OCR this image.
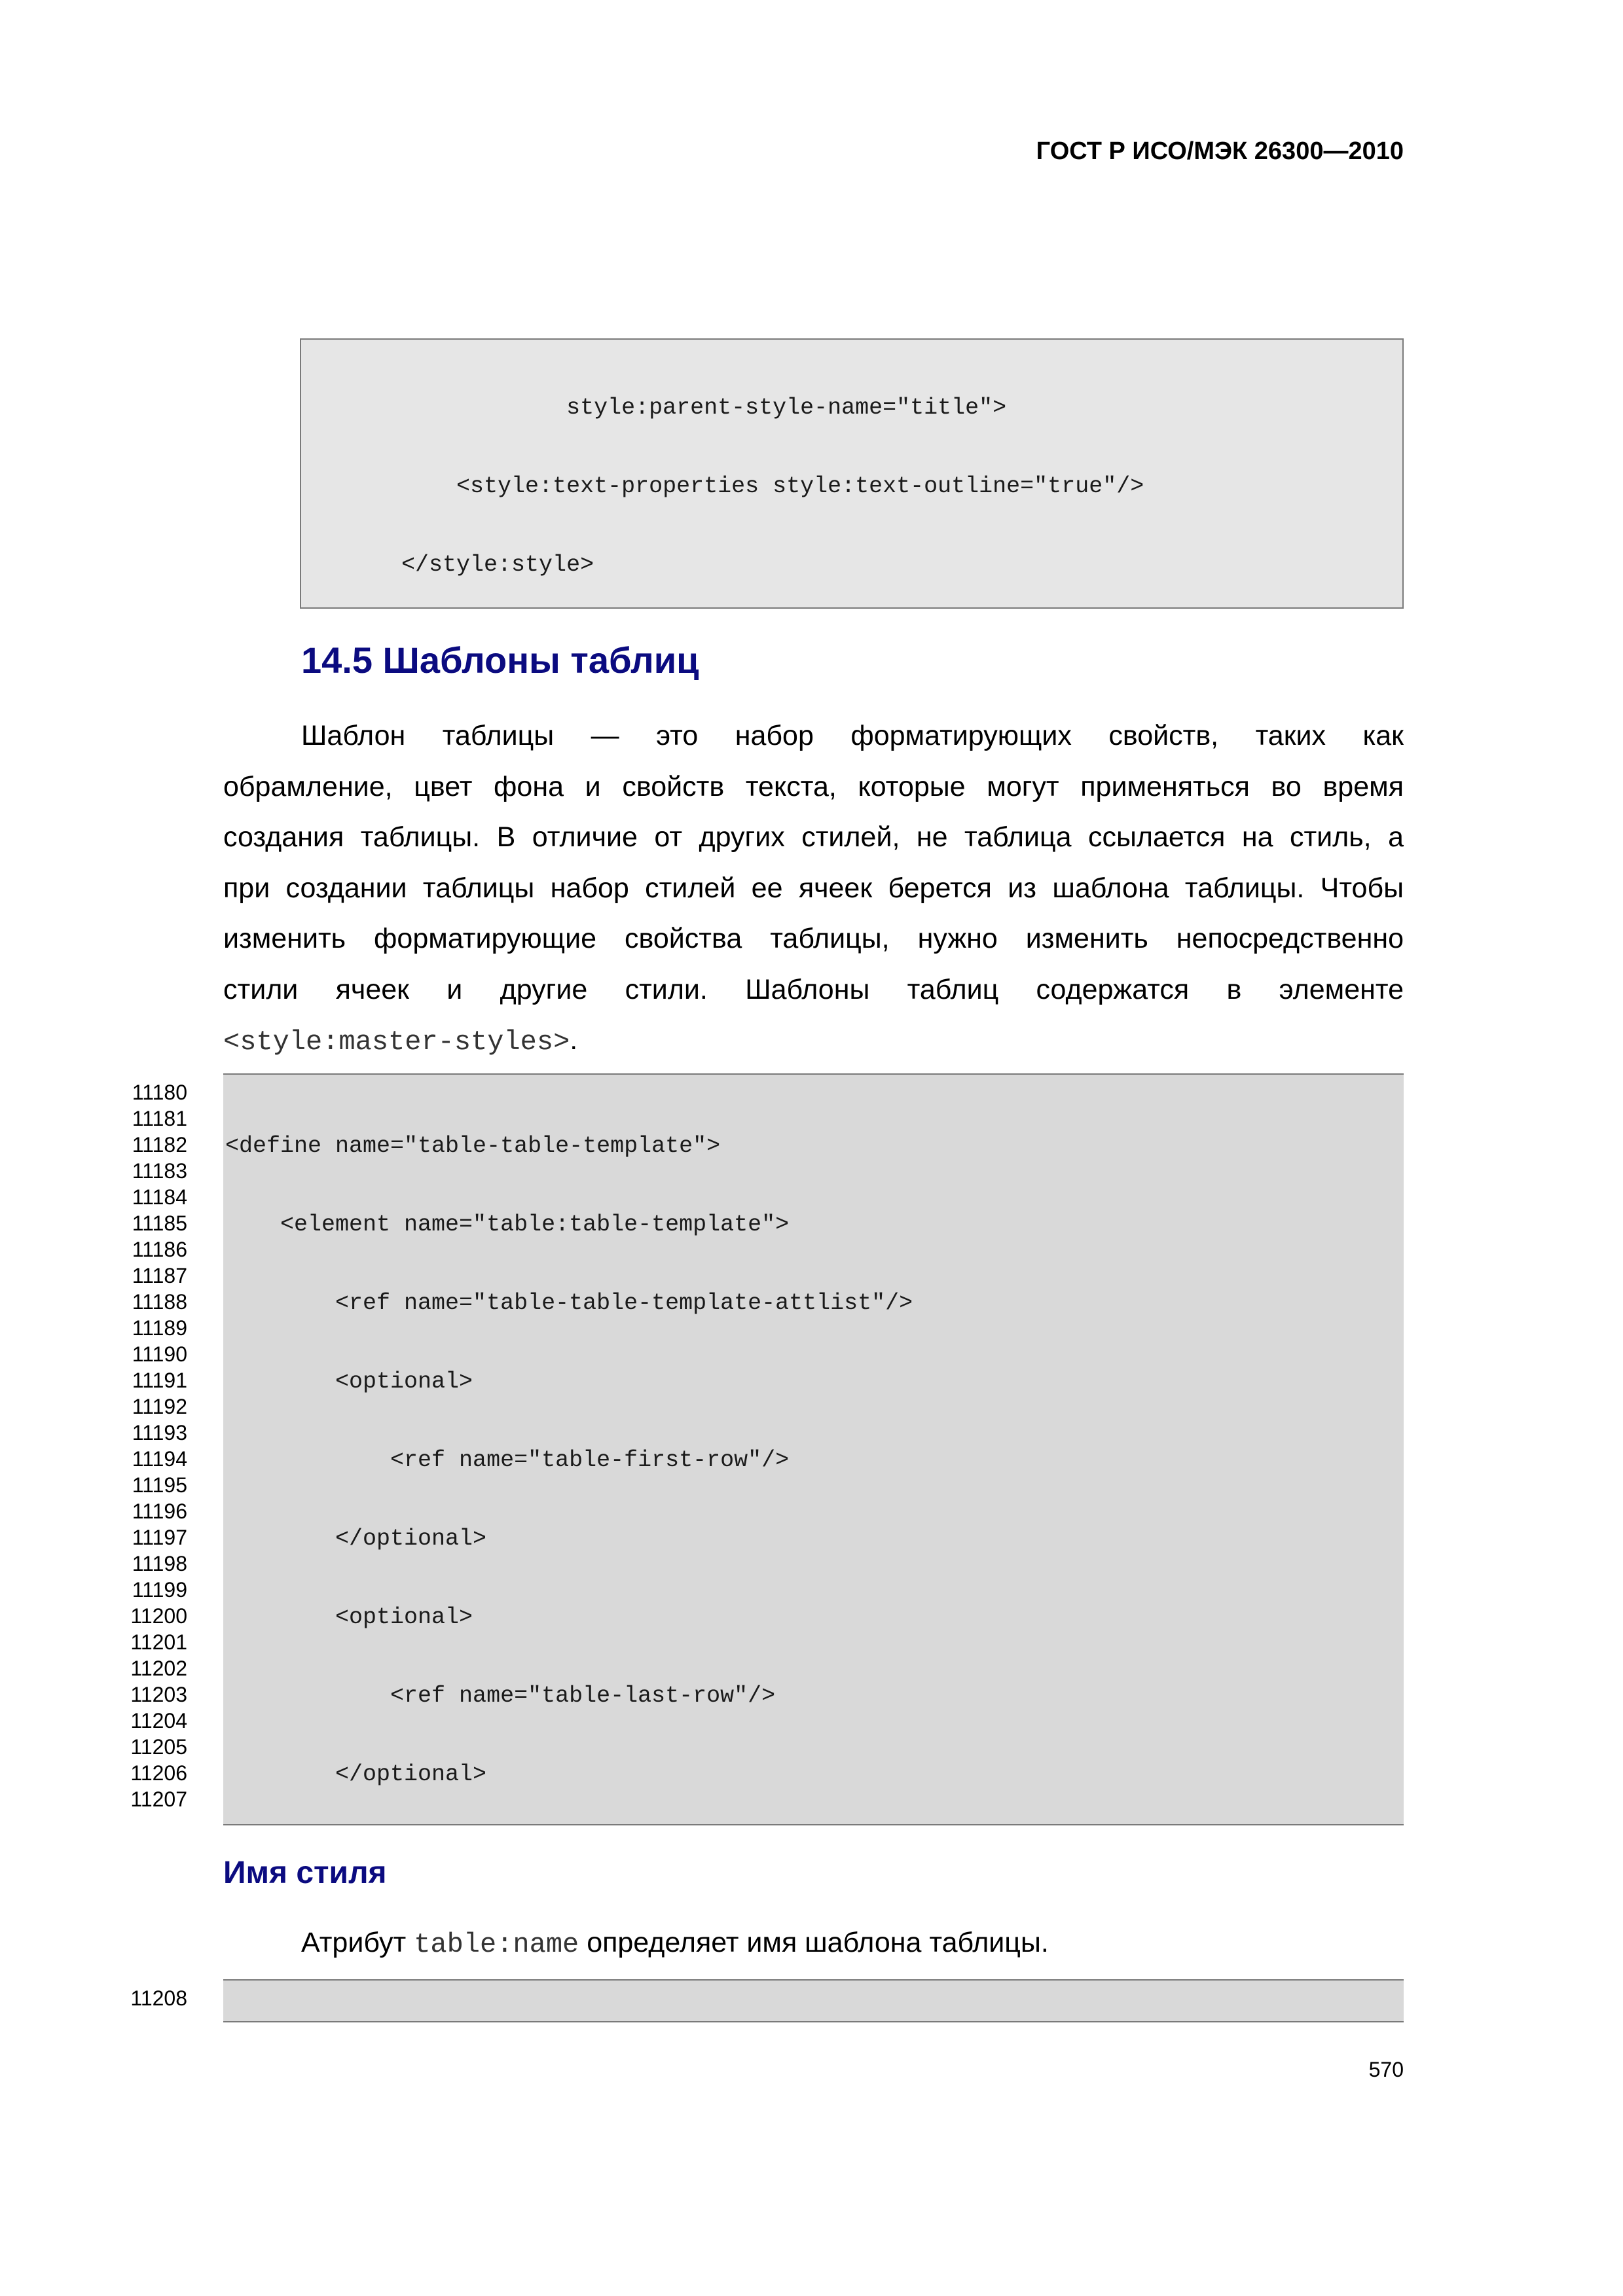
ГОСТ Р ИСО/МЭК 26300—2010

style:parent-style-name="title">

<style:text-properties style:text-outline="true"/>

</style:style>

14.5 Шаблоны таблиц
Шаблон таблицы — это набор форматирующих свойств, таких как
обрамление, цвет фона и свойств текста, которые могут применяться во время
создания таблицы. В отличие от других стилей, не таблица ссылается на стиль, а
при создании таблицы набор стилей ее ячеек берется из шаблона таблицы. Чтобы
изменить форматирующие свойства таблицы, нужно изменить непосредственно
стили ячеек и другие стили. Шаблоны таблиц содержатся в элементе
<style:master-styles>.
11180
11181
11182
11183
11184
11185
11186
11187
11188
11189
11190
11191
11192
11193
11194
11195
11196
11197
11198
11199
11200
11201
11202
11203
11204
11205
11206
11207

<define name="table-table-template">

<element name="table:table-template">

<ref name="table-table-template-attlist"/>

<optional>

<ref name="table-first-row"/>

</optional>

<optional>

<ref name="table-last-row"/>

</optional>

Имя стиля
Атрибут table:name определяет имя шаблона таблицы.
11208

570
